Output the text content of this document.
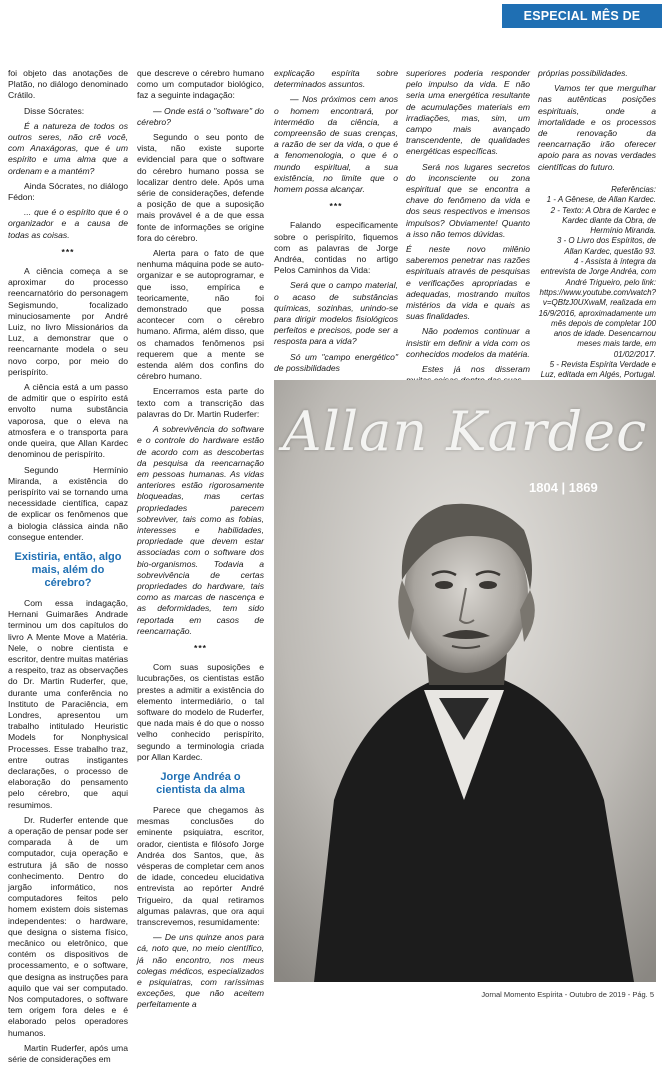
ESPECIAL MÊS DE KARDEC

foi objeto das anotações de Platão, no diálogo denominado Crátilo.

Disse Sócrates:

É a natureza de todos os outros seres, não crê você, com Anaxágoras, que é um espírito e uma alma que a ordenam e a mantém?

Ainda Sócrates, no diálogo Fédon:

... que é o espírito que é o organizador e a causa de todas as coisas.

***

A ciência começa a se aproximar do processo reencarnatório do personagem Segismundo, focalizado minuciosamente por André Luiz, no livro Missionários da Luz, a demonstrar que o reencarnante modela o seu novo corpo, por meio do perispírito.

A ciência está a um passo de admitir que o espírito está envolto numa substância vaporosa, que o eleva na atmosfera e o transporta para onde queira, que Allan Kardec denominou de perispírito.

Segundo Hermínio Miranda, a existência do perispírito vai se tornando uma necessidade científica, capaz de explicar os fenômenos que a biologia clássica ainda não consegue entender.

Existiria, então, algo mais, além do cérebro?

Com essa indagação, Hernani Guimarães Andrade terminou um dos capítulos do livro A Mente Move a Matéria. Nele, o nobre cientista e escritor, dentre muitas matérias a respeito, traz as observações do Dr. Martin Ruderfer, que, durante uma conferência no Instituto de Paraciência, em Londres, apresentou um trabalho intitulado Heuristic Models for Nonphysical Processes. Esse trabalho traz, entre outras instigantes declarações, o processo de elaboração do pensamento pelo cérebro, que aqui resumimos.

Dr. Ruderfer entende que a operação de pensar pode ser comparada à de um computador, cuja operação e estrutura já são de nosso conhecimento. Dentro do jargão informático, nos computadores feitos pelo homem existem dois sistemas independentes: o hardware, que designa o sistema físico, mecânico ou eletrônico, que contém os dispositivos de processamento, e o software, que designa as instruções para aquilo que vai ser computado. Nos computadores, o software tem origem fora deles e é elaborado pelos operadores humanos.

Martin Ruderfer, após uma série de considerações em

que descreve o cérebro humano como um computador biológico, faz a seguinte indagação:

— Onde está o "software" do cérebro?

Segundo o seu ponto de vista, não existe suporte evidencial para que o software do cérebro humano possa se localizar dentro dele. Após uma série de considerações, defende a posição de que a suposição mais provável é a de que essa fonte de informações se origine fora do cérebro.

Alerta para o fato de que nenhuma máquina pode se auto-organizar e se autoprogramar, e que isso, empírica e teoricamente, não foi demonstrado que possa acontecer com o cérebro humano. Afirma, além disso, que os chamados fenômenos psi requerem que a mente se estenda além dos confins do cérebro humano.

Encerramos esta parte do texto com a transcrição das palavras do Dr. Martin Ruderfer:

A sobrevivência do software e o controle do hardware estão de acordo com as descobertas da pesquisa da reencarnação em pessoas humanas. As vidas anteriores estão rigorosamente bloqueadas, mas certas propriedades parecem sobreviver, tais como as fobias, interesses e habilidades, propriedade que devem estar associadas com o software dos bio-organismos. Todavia a sobrevivência de certas propriedades do hardware, tais como as marcas de nascença e as deformidades, tem sido reportada em casos de reencarnação.

***

Com suas suposições e lucubrações, os cientistas estão prestes a admitir a existência do elemento intermediário, o tal software do modelo de Ruderfer, que nada mais é do que o nosso velho conhecido perispírito, segundo a terminologia criada por Allan Kardec.

Jorge Andréa o cientista da alma

Parece que chegamos às mesmas conclusões do eminente psiquiatra, escritor, orador, cientista e filósofo Jorge Andréa dos Santos, que, às vésperas de completar cem anos de idade, concedeu elucidativa entrevista ao repórter André Trigueiro, da qual retiramos algumas palavras, que ora aqui transcrevemos, resumidamente:

— De uns quinze anos para cá, noto que, no meio científico, já não encontro, nos meus colegas médicos, especializados e psiquiatras, com raríssimas exceções, que não aceitem perfeitamente a

explicação espírita sobre determinados assuntos.

— Nos próximos cem anos o homem encontrará, por intermédio da ciência, a compreensão de suas crenças, a razão de ser da vida, o que é a fenomenologia, o que é o mundo espiritual, a sua existência, no limite que o homem possa alcançar.

***

Falando especificamente sobre o perispírito, fiquemos com as palavras de Jorge Andréa, contidas no artigo Pelos Caminhos da Vida:

Será que o campo material, o acaso de substâncias químicas, sozinhas, unindo-se para dirigir modelos fisiológicos perfeitos e precisos, pode ser a resposta para a vida?

Só um "campo energético" de possibilidades

superiores poderia responder pelo impulso da vida. E não seria uma energética resultante de acumulações materiais em irradiações, mas, sim, um campo mais avançado transcendente, de qualidades energéticas específicas.

Será nos lugares secretos do inconsciente ou zona espiritual que se encontra a chave do fenômeno da vida e dos seus respectivos e imensos impulsos? Obviamente! Quanto a isso não temos dúvidas.

É neste novo milênio saberemos penetrar nas razões espirituais através de pesquisas e verificações apropriadas e adequadas, mostrando muitos mistérios da vida e quais as suas finalidades.

Não podemos continuar a insistir em definir a vida com os conhecidos modelos da matéria.

Estes já nos disseram

próprias possibilidades.

Vamos ter que mergulhar nas autênticas posições espirituais, onde a imortalidade e os processos de renovação da reencarnação irão oferecer apoio para as novas verdades científicas do futuro.

Referências:

1 - A Gênese, de Allan Kardec.

2 - Texto: A Obra de Kardec e Kardec diante da Obra, de Hermínio Miranda.

3 - O Livro dos Espíritos, de Allan Kardec, questão 93.

4 - Assista à íntegra da entrevista de Jorge Andréa, com André Trigueiro, pelo link: https://www.youtube.com/watch?v=QBfzJ0UXwaM, realizada em 16/9/2016, aproximadamente um mês depois de completar 100 anos de idade. Desencarnou meses mais tarde, em 01/02/2017.

5 - Revista Espírita Verdade e Luz, editada em Algés, Portugal.

Allan Kardec
1804 | 1869
Jornal Momento Espírita - Outubro de 2019 - Pág. 5
